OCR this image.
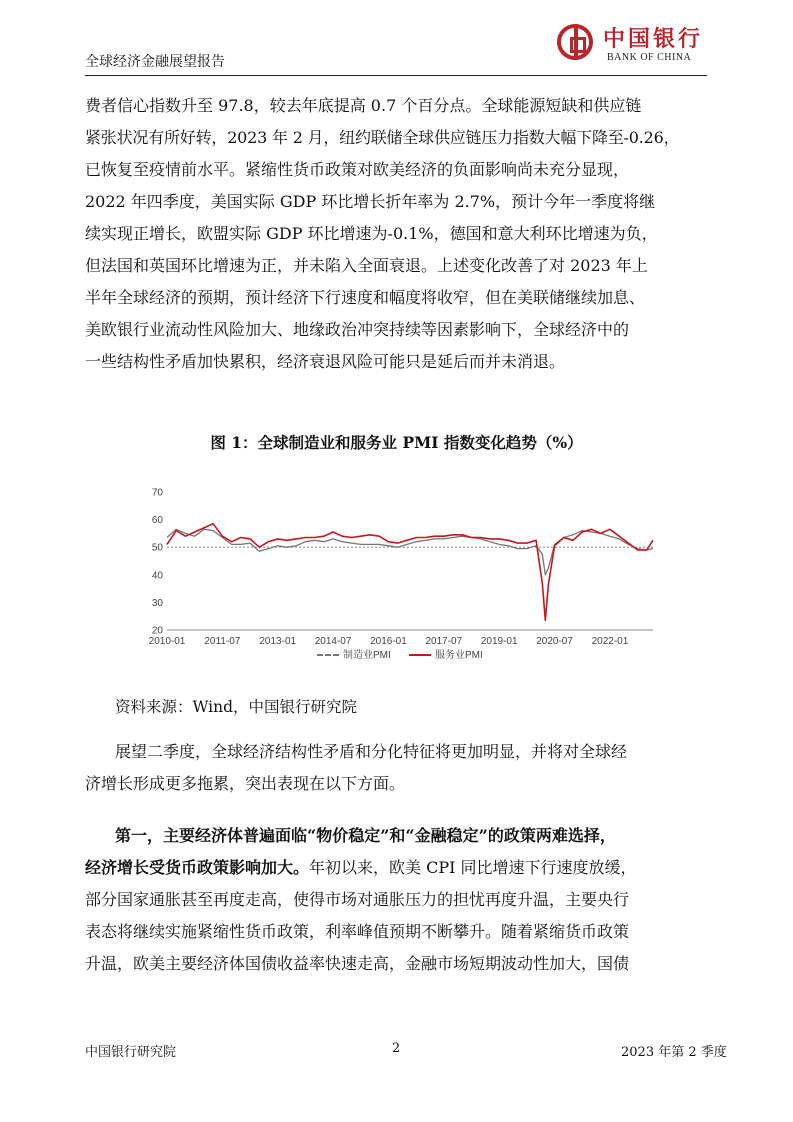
全球经济金融展望报告
中国银行
BANK OF CHINA

费者信心指数升至 97.8，较去年底提高 0.7 个百分点。全球能源短缺和供应链

紧张状况有所好转，2023 年 2 月，纽约联储全球供应链压力指数大幅下降至-0.26，

已恢复至疫情前水平。紧缩性货币政策对欧美经济的负面影响尚未充分显现，

2022 年四季度，美国实际 GDP 环比增长折年率为 2.7%，预计今年一季度将继

续实现正增长，欧盟实际 GDP 环比增速为-0.1%，德国和意大利环比增速为负，

但法国和英国环比增速为正，并未陷入全面衰退。上述变化改善了对 2023 年上

半年全球经济的预期，预计经济下行速度和幅度将收窄，但在美联储继续加息、

美欧银行业流动性风险加大、地缘政治冲突持续等因素影响下，全球经济中的

一些结构性矛盾加快累积，经济衰退风险可能只是延后而并未消退。

图 1：全球制造业和服务业 PMI 指数变化趋势（%）
20
30
40
50
60
70
2010-01 2011-07 2013-01 2014-07 2016-01 2017-07 2019-01 2020-07 2022-01
制造业PMI	服务业PMI
资料来源：Wind，中国银行研究院

展望二季度，全球经济结构性矛盾和分化特征将更加明显，并将对全球经

济增长形成更多拖累，突出表现在以下方面。

第一，主要经济体普遍面临“物价稳定”和“金融稳定”的政策两难选择，

经济增长受货币政策影响加大。年初以来，欧美 CPI 同比增速下行速度放缓，

部分国家通胀甚至再度走高，使得市场对通胀压力的担忧再度升温，主要央行

表态将继续实施紧缩性货币政策，利率峰值预期不断攀升。随着紧缩货币政策

升温，欧美主要经济体国债收益率快速走高，金融市场短期波动性加大，国债

中国银行研究院	2	2023 年第 2 季度
